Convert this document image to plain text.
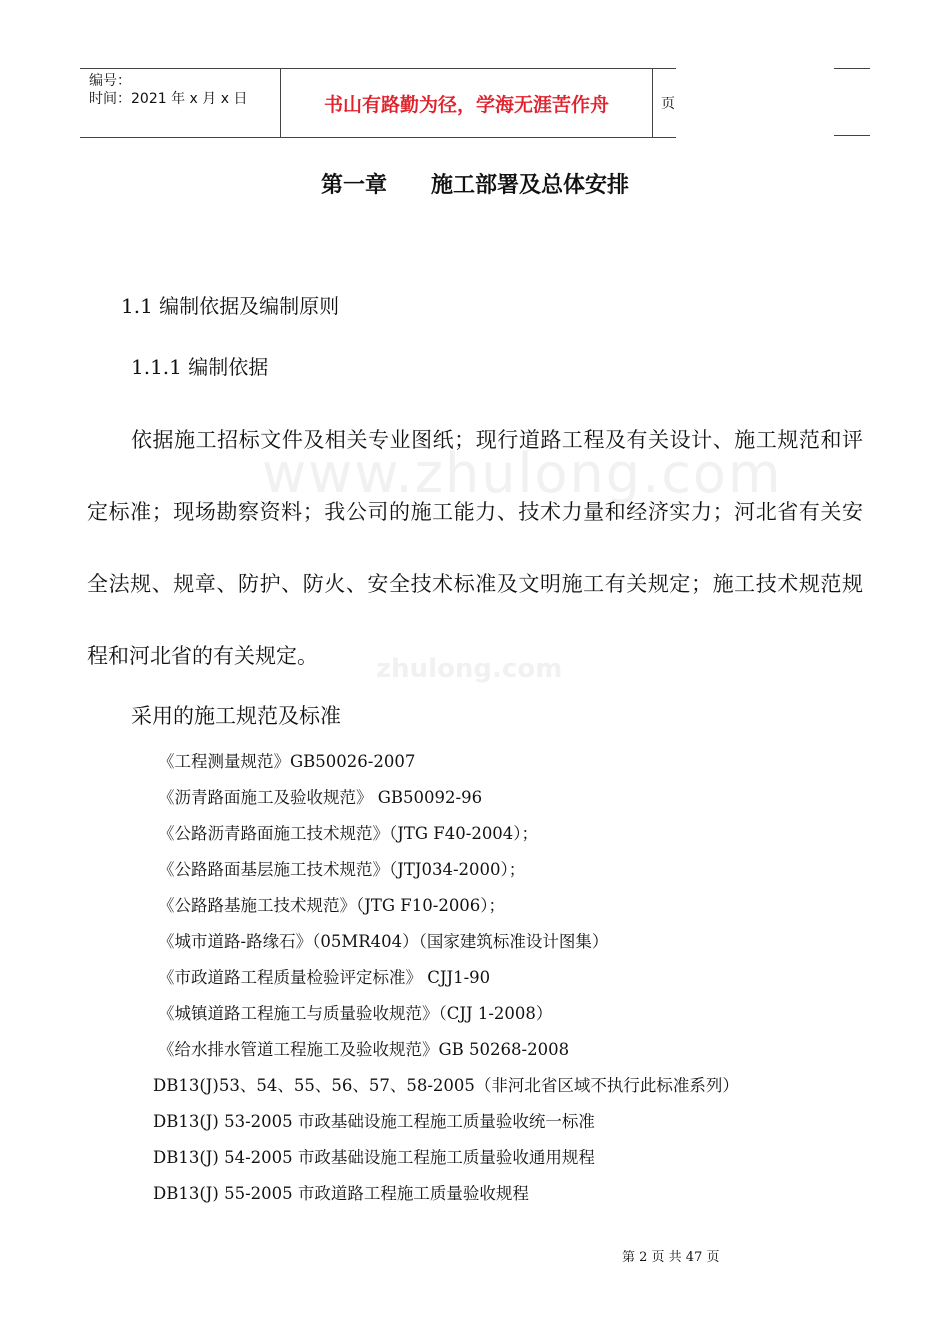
编号：
时间：2021 年 x 月 x 日	书山有路勤为径，学海无涯苦作舟	页
www.zhulong.com
zhulong.com
第一章　　施工部署及总体安排
1.1 编制依据及编制原则
1.1.1 编制依据

依据施工招标文件及相关专业图纸；现行道路工程及有关设计、施工规范和评定标准；现场勘察资料；我公司的施工能力、技术力量和经济实力；河北省有关安全法规、规章、防护、防火、安全技术标准及文明施工有关规定；施工技术规范规程和河北省的有关规定。

采用的施工规范及标准
《工程测量规范》GB50026-2007
《沥青路面施工及验收规范》 GB50092-96
《公路沥青路面施工技术规范》（JTG F40-2004）；
《公路路面基层施工技术规范》（JTJ034-2000）；
《公路路基施工技术规范》（JTG F10-2006）；
《城市道路-路缘石》（05MR404）（国家建筑标准设计图集）
《市政道路工程质量检验评定标准》 CJJ1-90
《城镇道路工程施工与质量验收规范》（CJJ 1-2008）
《给水排水管道工程施工及验收规范》GB 50268-2008
DB13(J)53、54、55、56、57、58-2005（非河北省区域不执行此标准系列）
DB13(J) 53-2005 市政基础设施工程施工质量验收统一标准
DB13(J) 54-2005 市政基础设施工程施工质量验收通用规程
DB13(J) 55-2005 市政道路工程施工质量验收规程
第 2 页 共 47 页
